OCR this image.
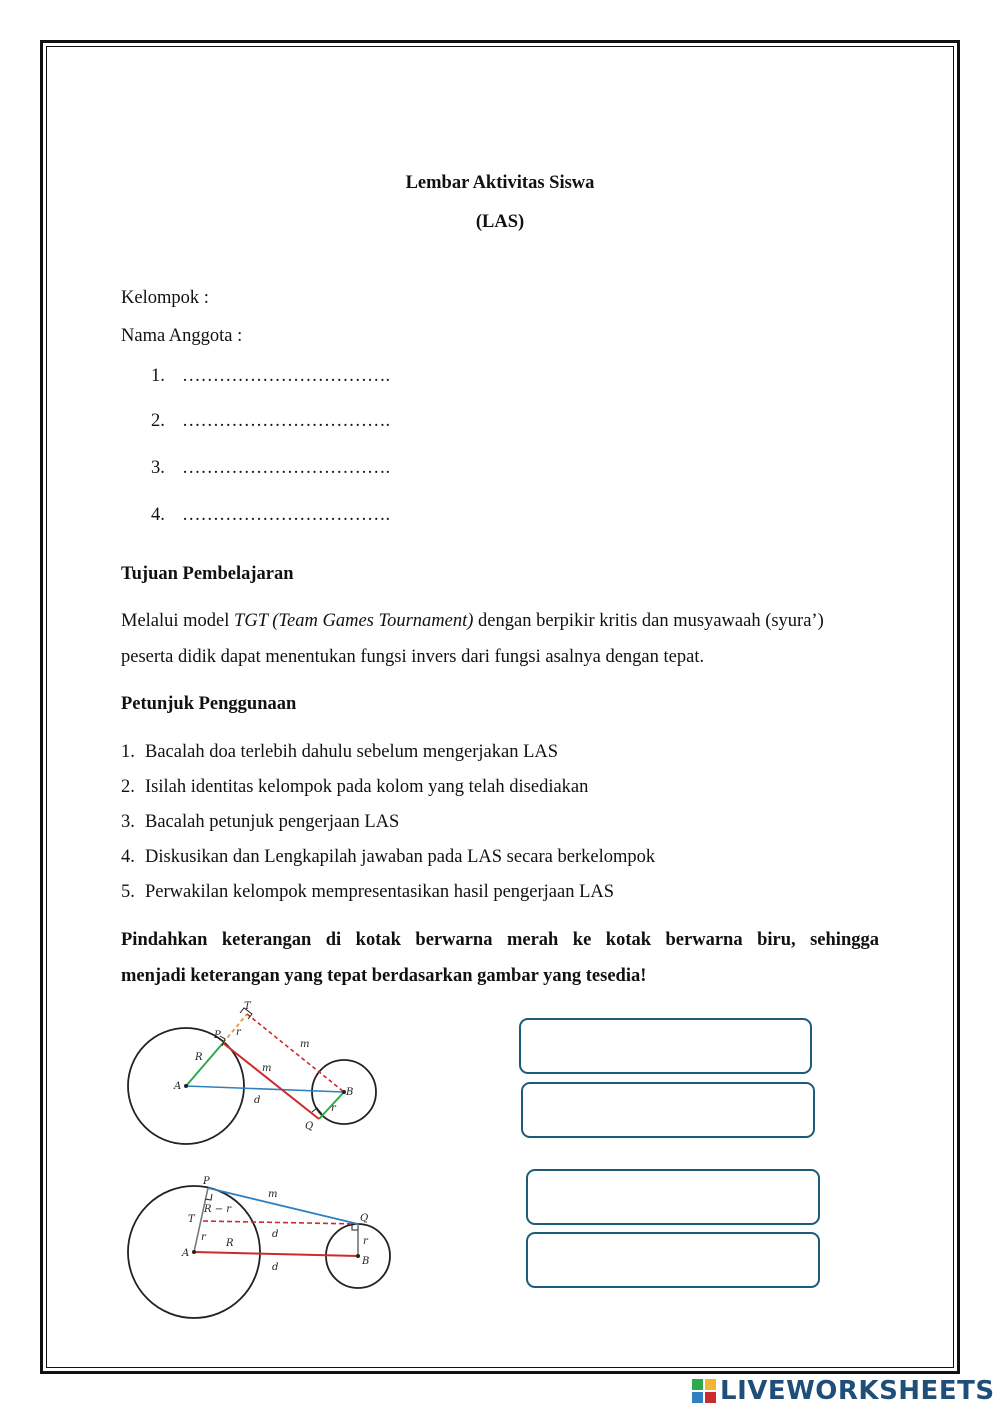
Lembar Aktivitas Siswa
(LAS)
Kelompok :
Nama Anggota :
1. …………………………….
2. …………………………….
3. …………………………….
4. …………………………….
Tujuan Pembelajaran
Melalui model TGT (Team Games Tournament) dengan berpikir kritis dan musyawaah (syura’)
peserta didik dapat menentukan fungsi invers dari fungsi asalnya dengan tepat.
Petunjuk Penggunaan
1. Bacalah doa terlebih dahulu sebelum mengerjakan LAS
2. Isilah identitas kelompok pada kolom yang telah disediakan
3. Bacalah petunjuk pengerjaan LAS
4. Diskusikan dan Lengkapilah jawaban pada LAS secara berkelompok
5. Perwakilan kelompok mempresentasikan hasil pengerjaan LAS
Pindahkan keterangan di kotak berwarna merah ke kotak berwarna biru, sehingga
menjadi keterangan yang tepat berdasarkan gambar yang tesedia!
T
P r
R
m
m
A
B
d
r
Q
P
m
Q
T
R − r
r
R
d
A
d
r
B
LIVEWORKSHEETS
